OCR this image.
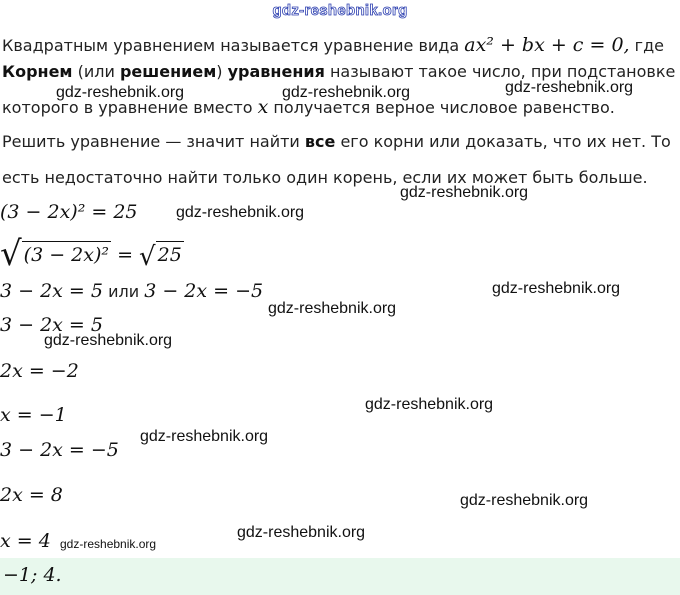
gdz-reshebnik.org
Квадратным уравнением называется уравнение вида ax² + bx + c = 0, где
Корнем (или решением) уравнения называют такое число, при подстановке
которого в уравнение вместо x получается верное числовое равенство.
Решить уравнение — значит найти все его корни или доказать, что их нет. То
есть недостаточно найти только один корень, если их может быть больше.
(3 − 2x)² = 25
√ (3 − 2x)² = √ 25
3 − 2x = 5 или 3 − 2x = −5
3 − 2x = 5
2x = −2
x = −1
3 − 2x = −5
2x = 8
x = 4
−1; 4.
gdz-reshebnik.org	gdz-reshebnik.org	gdz-reshebnik.org
gdz-reshebnik.org
gdz-reshebnik.org
gdz-reshebnik.org
gdz-reshebnik.org
gdz-reshebnik.org
gdz-reshebnik.org
gdz-reshebnik.org
gdz-reshebnik.org
gdz-reshebnik.org
gdz-reshebnik.org
